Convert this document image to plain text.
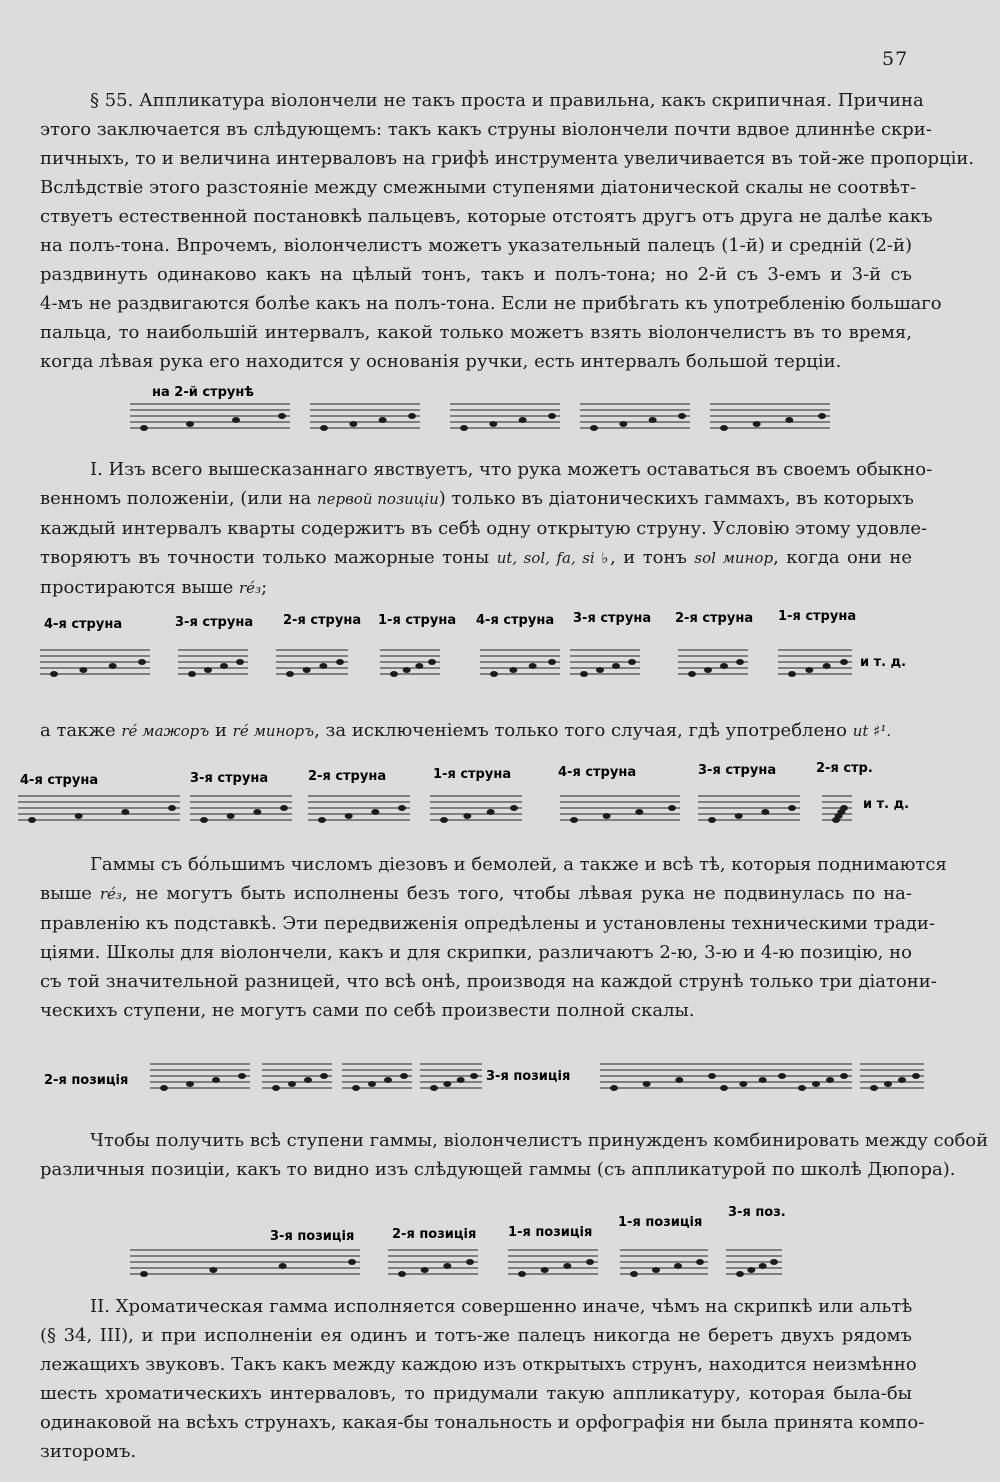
57
§ 55. Аппликатура віолончели не такъ проста и правильна, какъ скрипичная. Причина
этого заключается въ слѣдующемъ: такъ какъ струны віолончели почти вдвое длиннѣе скри-
пичныхъ, то и величина интерваловъ на грифѣ инструмента увеличивается въ той-же пропорціи.
Вслѣдствіе этого разстояніе между смежными ступенями діатонической скалы не соотвѣт-
ствуетъ естественной постановкѣ пальцевъ, которые отстоятъ другъ отъ друга не далѣе какъ
на полъ-тона. Впрочемъ, віолончелистъ можетъ указательный палецъ (1-й) и средній (2-й)
раздвинуть одинаково какъ на цѣлый тонъ, такъ и полъ-тона; но 2-й съ 3-емъ и 3-й съ
4-мъ не раздвигаются болѣе какъ на полъ-тона. Если не прибѣгать къ употребленію большаго
пальца, то наибольшій интервалъ, какой только можетъ взять віолончелистъ въ то время,
когда лѣвая рука его находится у основанія ручки, есть интервалъ большой терціи.
на 2-й струнѣ
I. Изъ всего вышесказаннаго явствуетъ, что рука можетъ оставаться въ своемъ обыкно-
венномъ положеніи, (или на первой позиціи) только въ діатоническихъ гаммахъ, въ которыхъ
каждый интервалъ кварты содержитъ въ себѣ одну открытую струну. Условію этому удовле-
творяютъ въ точности только мажорные тоны ut, sol, fa, si ♭, и тонъ sol минор, когда они не
простираются выше ré₃;
4-я струна	3-я струна 2-я струна 1-я струна 4-я струна 3-я струна 2-я струна 1-я струна
и т. д.
а также ré мажоръ и ré миноръ, за исключеніемъ только того случая, гдѣ употреблено ut ♯¹.
4-я струна	3-я струна	2-я струна	1-я струна	4-я струна	3-я струна	2-я стр.
и т. д.
Гаммы съ бо́льшимъ числомъ діезовъ и бемолей, а также и всѣ тѣ, которыя поднимаются
выше ré₃, не могутъ быть исполнены безъ того, чтобы лѣвая рука не подвинулась по на-
правленію къ подставкѣ. Эти передвиженія опредѣлены и установлены техническими тради-
ціями. Школы для віолончели, какъ и для скрипки, различаютъ 2-ю, 3-ю и 4-ю позицію, но
съ той значительной разницей, что всѣ онѣ, производя на каждой струнѣ только три діатони-
ческихъ ступени, не могутъ сами по себѣ произвести полной скалы.
2-я позиція	3-я позиція
Чтобы получить всѣ ступени гаммы, віолончелистъ принужденъ комбинировать между собой
различныя позиціи, какъ то видно изъ слѣдующей гаммы (съ аппликатурой по школѣ Дюпора).
3-я позиція	2-я позиція 1-я позиція
1-я позиція
3-я поз.
II. Хроматическая гамма исполняется совершенно иначе, чѣмъ на скрипкѣ или альтѣ
(§ 34, III), и при исполненіи ея одинъ и тотъ-же палецъ никогда не беретъ двухъ рядомъ
лежащихъ звуковъ. Такъ какъ между каждою изъ открытыхъ струнъ, находится неизмѣнно
шесть хроматическихъ интерваловъ, то придумали такую аппликатуру, которая была-бы
одинаковой на всѣхъ струнахъ, какая-бы тональность и орфографія ни была принята компо-
зиторомъ.
